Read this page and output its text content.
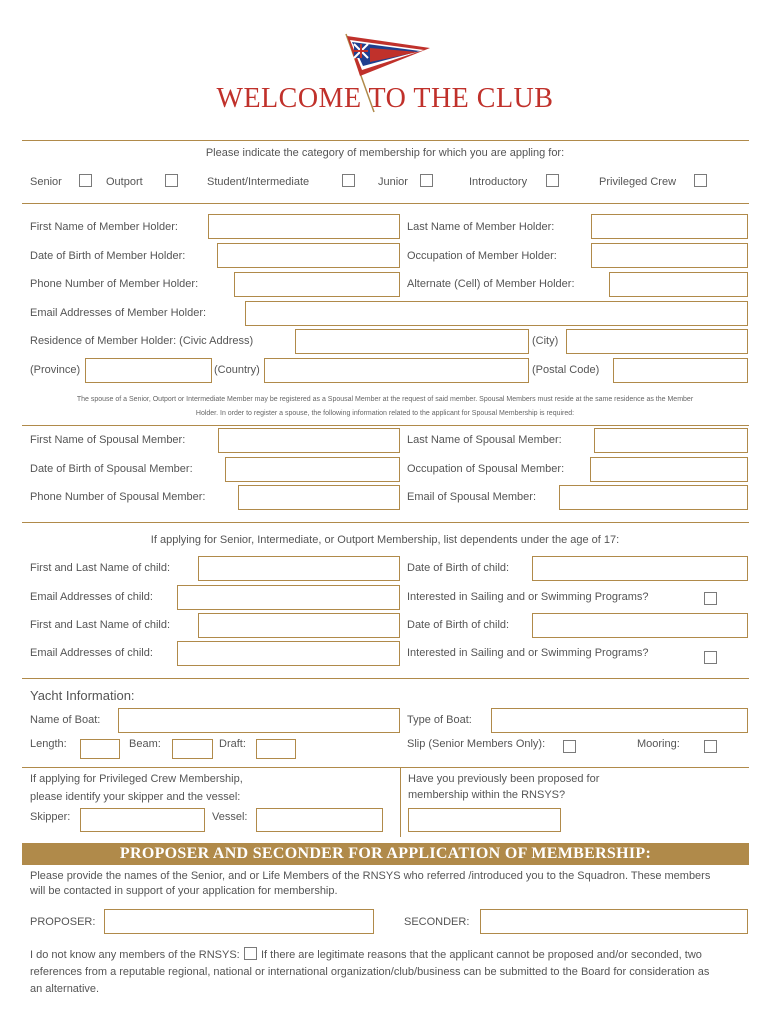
WELCOME TO THE CLUB
Please indicate the category of membership for which you are appling for:
Senior	Outport	Student/Intermediate	Junior	Introductory	Privileged Crew
First Name of Member Holder:	Last Name of Member Holder:
Date of Birth of Member Holder:	Occupation of Member Holder:
Phone Number of Member Holder:	Alternate (Cell) of Member Holder:
Email Addresses of Member Holder:
Residence of Member Holder: (Civic Address)	(City)
(Province)	(Country)	(Postal Code)
The spouse of a Senior, Outport or Intermediate Member may be registered as a Spousal Member at the request of said member. Spousal Members must reside at the same residence as the Member
Holder. In order to register a spouse, the following information related to the applicant for Spousal Membership is required:
First Name of Spousal Member:	Last Name of Spousal Member:
Date of Birth of Spousal Member:	Occupation of Spousal Member:
Phone Number of Spousal Member:	Email of Spousal Member:
If applying for Senior, Intermediate, or Outport Membership, list dependents under the age of 17:
First and Last Name of child:	Date of Birth of child:
Email Addresses of child:	Interested in Sailing and or Swimming Programs?
First and Last Name of child:	Date of Birth of child:
Email Addresses of child:	Interested in Sailing and or Swimming Programs?
Yacht Information:
Name of Boat:	Type of Boat:
Length:	Beam:	Draft:	Slip (Senior Members Only):	Mooring:
If applying for Privileged Crew Membership,
please identify your skipper and the vessel:
Skipper:	Vessel:
Have you previously been proposed for
membership within the RNSYS?
PROPOSER AND SECONDER FOR APPLICATION OF MEMBERSHIP:
Please provide the names of the Senior, and or Life Members of the RNSYS who referred /introduced you to the Squadron. These members
will be contacted in support of your application for membership.
PROPOSER:	SECONDER:
I do not know any members of the RNSYS: If there are legitimate reasons that the applicant cannot be proposed and/or seconded, two
references from a reputable regional, national or international organization/club/business can be submitted to the Board for consideration as
an alternative.
